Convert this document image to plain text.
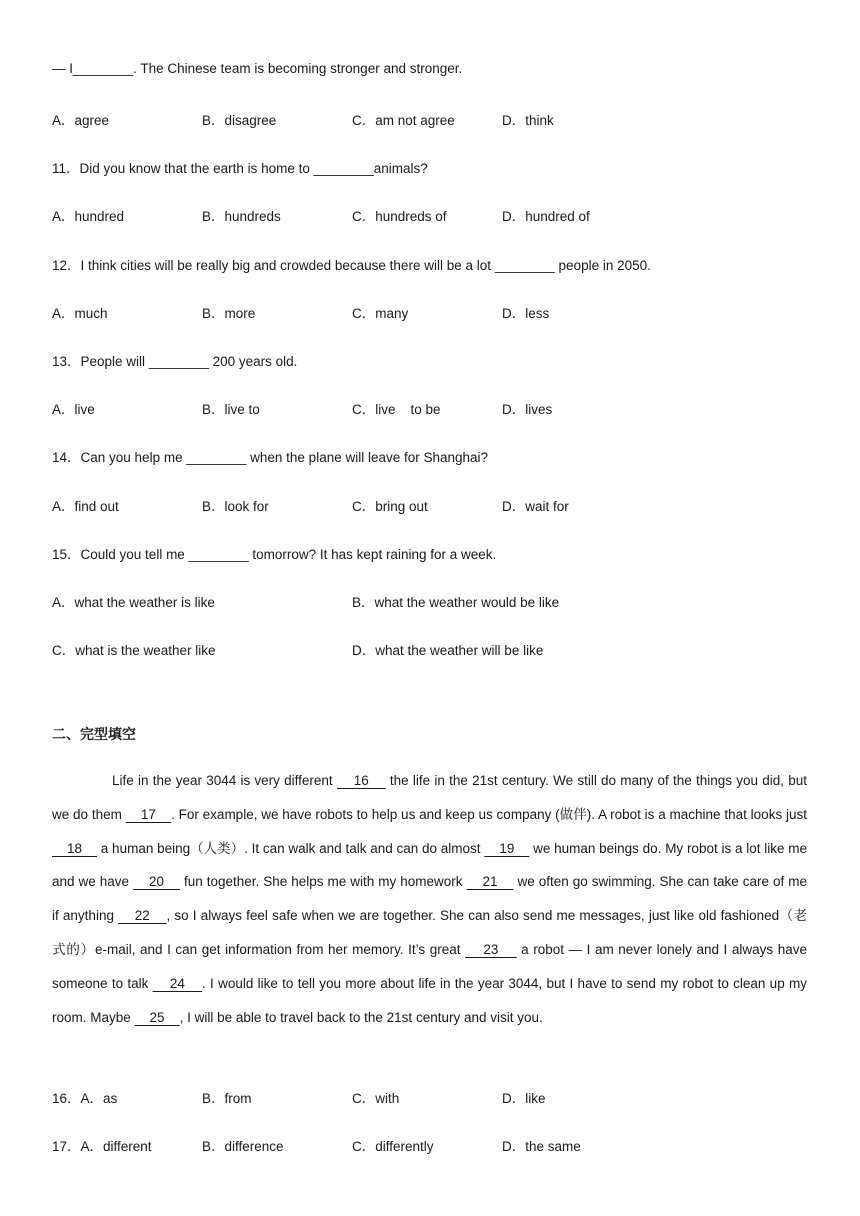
— I________. The Chinese team is becoming stronger and stronger.
A．agree	B．disagree	C．am not agree	D．think
11．Did you know that the earth is home to ________animals?
A．hundred	B．hundreds	C．hundreds of	D．hundred of
12．I think cities will be really big and crowded because there will be a lot ________ people in 2050.
A．much	B．more	C．many	D．less
13．People will ________ 200 years old.
A．live	B．live to	C．live    to be	D．lives
14．Can you help me ________ when the plane will leave for Shanghai?
A．find out	B．look for	C．bring out	D．wait for
15．Could you tell me ________ tomorrow? It has kept raining for a week.
A．what the weather is like	B．what the weather would be like
C．what is the weather like	D．what the weather will be like
二、完型填空
Life in the year 3044 is very different     16     the life in the 21st century. We still do many of the things you did, but we do them     17    . For example, we have robots to help us and keep us company (做伴). A robot is a machine that looks just     18     a human being（人类）. It can walk and talk and can do almost     19     we human beings do. My robot is a lot like me and we have     20     fun together. She helps me with my homework     21     we often go swimming. She can take care of me if anything     22    , so I always feel safe when we are together. She can also send me messages, just like old fashioned（老式的）e-mail, and I can get information from her memory. It’s great     23     a robot — I am never lonely and I always have someone to talk     24    . I would like to tell you more about life in the year 3044, but I have to send my robot to clean up my room. Maybe     25    , I will be able to travel back to the 21st century and visit you.
16．A．as	B．from	C．with	D．like
17．A．different	B．difference	C．differently	D．the same
